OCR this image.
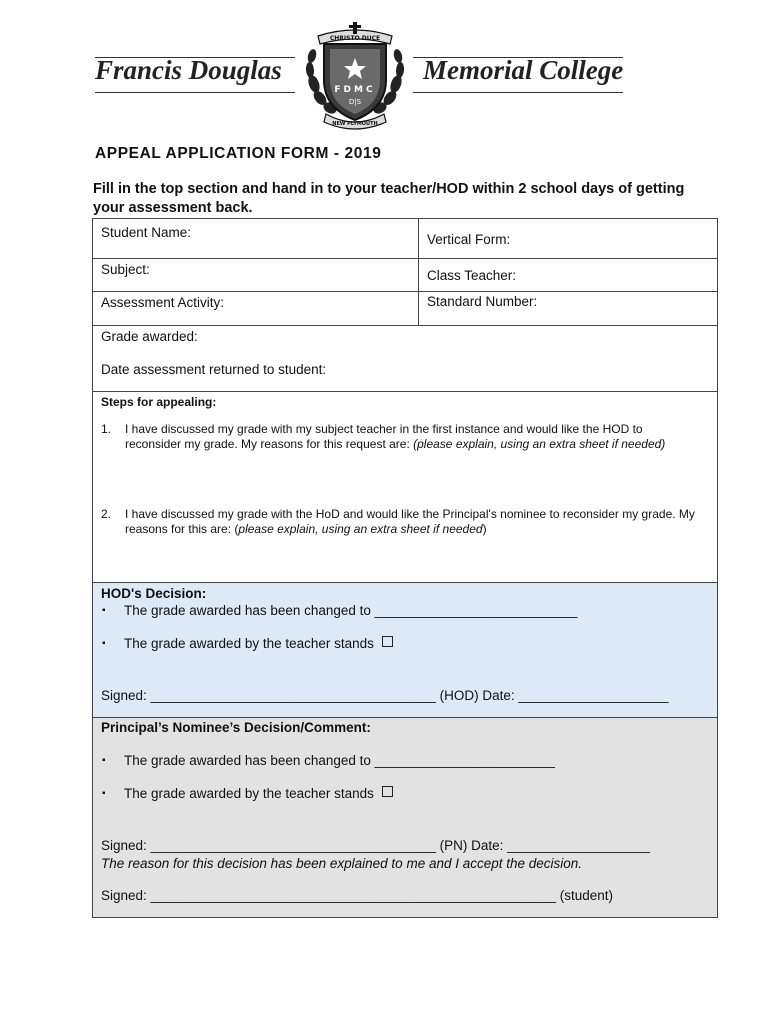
Francis Douglas	Memorial College
CHRISTO DUCE
FDMC
D|S
NEW PLYMOUTH
APPEAL APPLICATION FORM - 2019
Fill in the top section and hand in to your teacher/HOD within 2 school days of getting your assessment back.
Student Name:	Vertical Form:
Subject:	Class Teacher:
Assessment Activity:	Standard Number:
Grade awarded:
Date assessment returned to student:
Steps for appealing:
1. I have discussed my grade with my subject teacher in the first instance and would like the HOD to reconsider my grade. My reasons for this request are: (please explain, using an extra sheet if needed)
2. I have discussed my grade with the HoD and would like the Principal's nominee to reconsider my grade. My reasons for this are: (please explain, using an extra sheet if needed)
HOD's Decision:
▪ The grade awarded has been changed to ___________________________
▪ The grade awarded by the teacher stands
Signed: ______________________________________ (HOD) Date: ____________________
Principal’s Nominee’s Decision/Comment:
▪ The grade awarded has been changed to ________________________
▪ The grade awarded by the teacher stands
Signed: ______________________________________ (PN) Date: ___________________
The reason for this decision has been explained to me and I accept the decision.
Signed: ______________________________________________________ (student)
